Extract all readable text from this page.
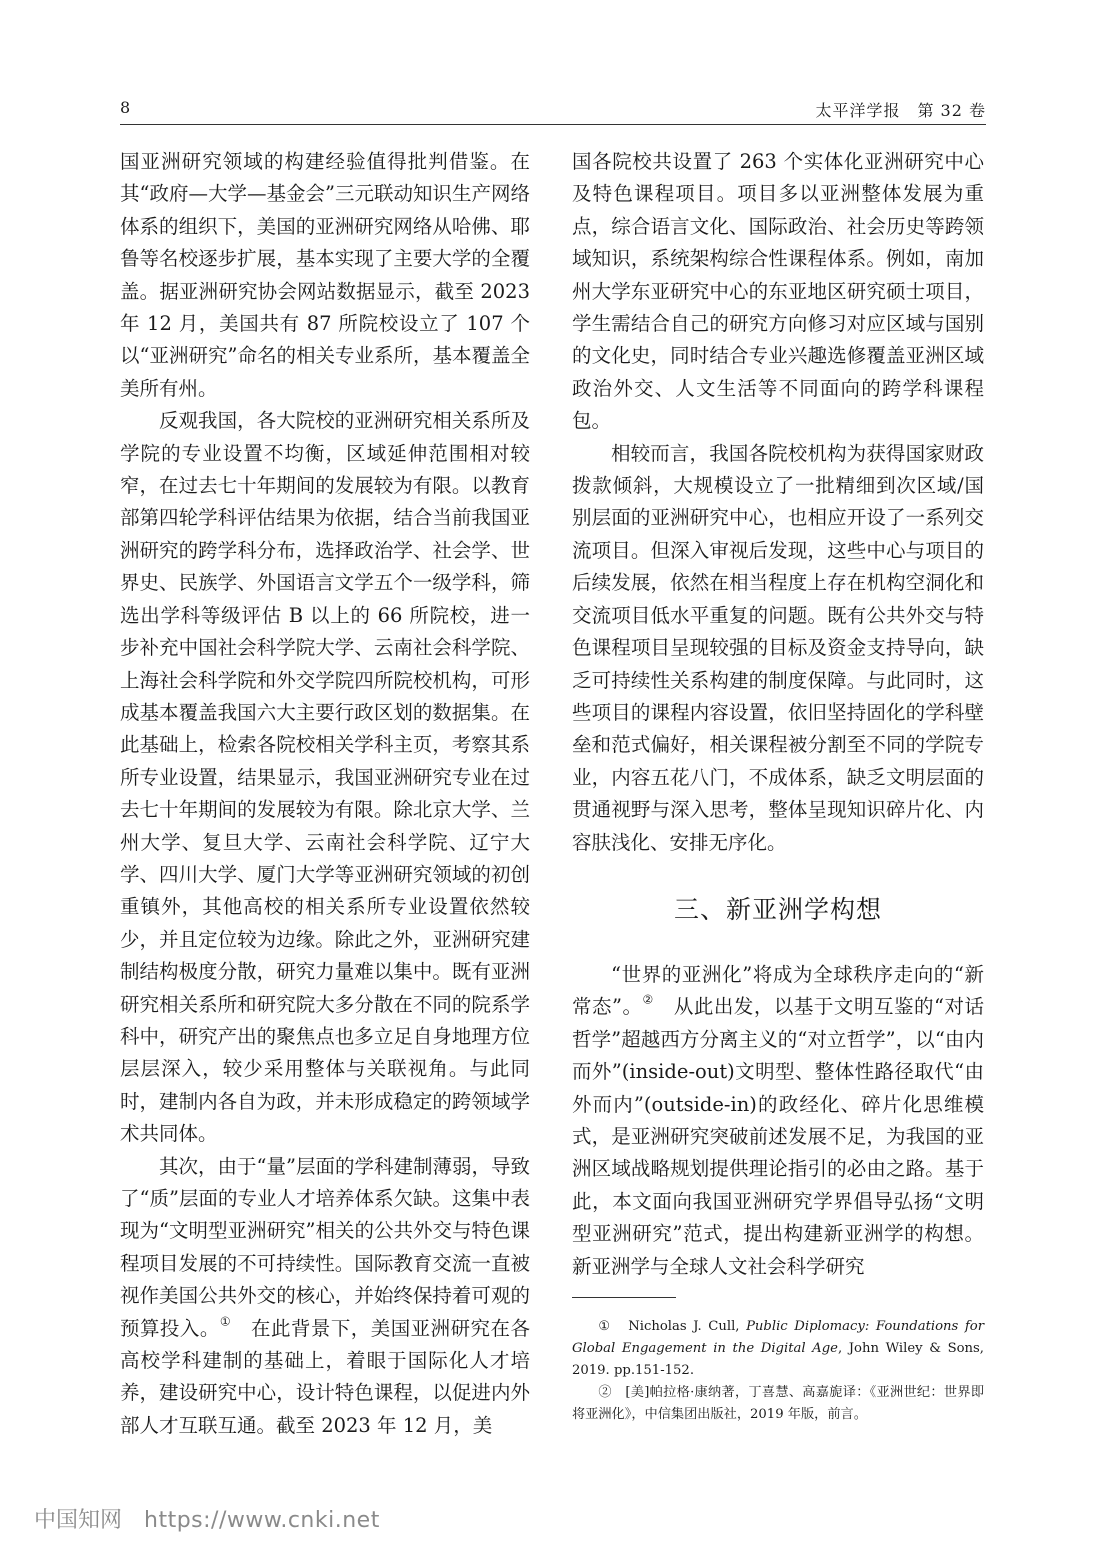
8	太平洋学报　第 32 卷

国亚洲研究领域的构建经验值得批判借鉴。在其“政府—大学—基金会”三元联动知识生产网络体系的组织下，美国的亚洲研究网络从哈佛、耶鲁等名校逐步扩展，基本实现了主要大学的全覆盖。据亚洲研究协会网站数据显示，截至 2023 年 12 月，美国共有 87 所院校设立了 107 个以“亚洲研究”命名的相关专业系所，基本覆盖全美所有州。

反观我国，各大院校的亚洲研究相关系所及学院的专业设置不均衡，区域延伸范围相对较窄，在过去七十年期间的发展较为有限。以教育部第四轮学科评估结果为依据，结合当前我国亚洲研究的跨学科分布，选择政治学、社会学、世界史、民族学、外国语言文学五个一级学科，筛选出学科等级评估 B 以上的 66 所院校，进一步补充中国社会科学院大学、云南社会科学院、上海社会科学院和外交学院四所院校机构，可形成基本覆盖我国六大主要行政区划的数据集。在此基础上，检索各院校相关学科主页，考察其系所专业设置，结果显示，我国亚洲研究专业在过去七十年期间的发展较为有限。除北京大学、兰州大学、复旦大学、云南社会科学院、辽宁大学、四川大学、厦门大学等亚洲研究领域的初创重镇外，其他高校的相关系所专业设置依然较少，并且定位较为边缘。除此之外，亚洲研究建制结构极度分散，研究力量难以集中。既有亚洲研究相关系所和研究院大多分散在不同的院系学科中，研究产出的聚焦点也多立足自身地理方位层层深入，较少采用整体与关联视角。与此同时，建制内各自为政，并未形成稳定的跨领域学术共同体。

其次，由于“量”层面的学科建制薄弱，导致了“质”层面的专业人才培养体系欠缺。这集中表现为“文明型亚洲研究”相关的公共外交与特色课程项目发展的不可持续性。国际教育交流一直被视作美国公共外交的核心，并始终保持着可观的预算投入。①　在此背景下，美国亚洲研究在各高校学科建制的基础上，着眼于国际化人才培养，建设研究中心，设计特色课程，以促进内外部人才互联互通。截至 2023 年 12 月，美

国各院校共设置了 263 个实体化亚洲研究中心及特色课程项目。项目多以亚洲整体发展为重点，综合语言文化、国际政治、社会历史等跨领域知识，系统架构综合性课程体系。例如，南加州大学东亚研究中心的东亚地区研究硕士项目，学生需结合自己的研究方向修习对应区域与国别的文化史，同时结合专业兴趣选修覆盖亚洲区域政治外交、人文生活等不同面向的跨学科课程包。

相较而言，我国各院校机构为获得国家财政拨款倾斜，大规模设立了一批精细到次区域/国别层面的亚洲研究中心，也相应开设了一系列交流项目。但深入审视后发现，这些中心与项目的后续发展，依然在相当程度上存在机构空洞化和交流项目低水平重复的问题。既有公共外交与特色课程项目呈现较强的目标及资金支持导向，缺乏可持续性关系构建的制度保障。与此同时，这些项目的课程内容设置，依旧坚持固化的学科壁垒和范式偏好，相关课程被分割至不同的学院专业，内容五花八门，不成体系，缺乏文明层面的贯通视野与深入思考，整体呈现知识碎片化、内容肤浅化、安排无序化。

三、新亚洲学构想

“世界的亚洲化”将成为全球秩序走向的“新常态”。②　从此出发，以基于文明互鉴的“对话哲学”超越西方分离主义的“对立哲学”，以“由内而外”(inside-out)文明型、整体性路径取代“由外而内”(outside-in)的政经化、碎片化思维模式，是亚洲研究突破前述发展不足，为我国的亚洲区域战略规划提供理论指引的必由之路。基于此，本文面向我国亚洲研究学界倡导弘扬“文明型亚洲研究”范式，提出构建新亚洲学的构想。新亚洲学与全球人文社会科学研究

①　Nicholas J. Cull, Public Diplomacy: Foundations for Global Engagement in the Digital Age, John Wiley & Sons, 2019. pp.151-152.

②　[美]帕拉格·康纳著，丁喜慧、高嘉旎译：《亚洲世纪：世界即将亚洲化》，中信集团出版社，2019 年版，前言。

中国知网 https://www.cnki.net
